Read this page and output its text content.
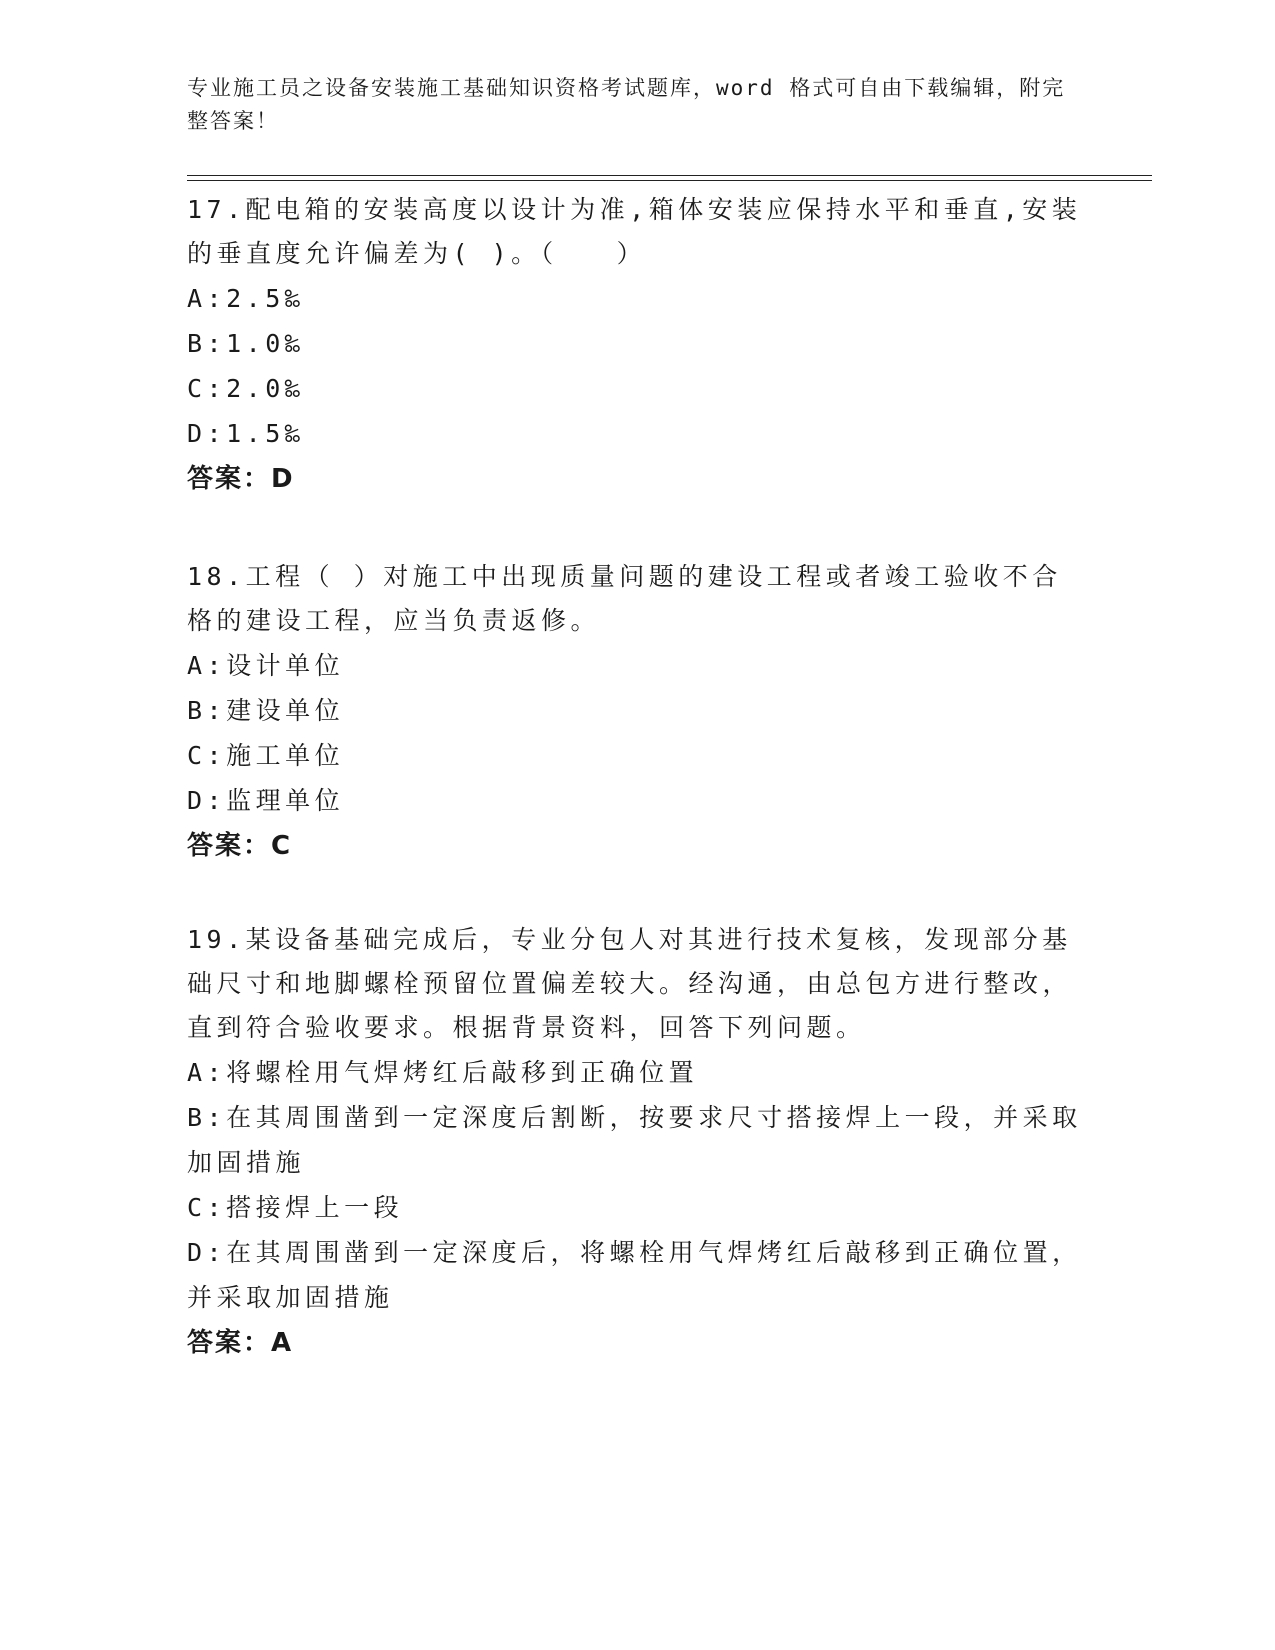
专业施工员之设备安装施工基础知识资格考试题库，word 格式可自由下载编辑，附完整答案！

17.配电箱的安装高度以设计为准,箱体安装应保持水平和垂直,安装的垂直度允许偏差为( )。（　　）

A:2.5‰

B:1.0‰

C:2.0‰

D:1.5‰

答案：D

18.工程（ ）对施工中出现质量问题的建设工程或者竣工验收不合格的建设工程，应当负责返修。

A:设计单位

B:建设单位

C:施工单位

D:监理单位

答案：C

19.某设备基础完成后，专业分包人对其进行技术复核，发现部分基础尺寸和地脚螺栓预留位置偏差较大。经沟通，由总包方进行整改，直到符合验收要求。根据背景资料，回答下列问题。

A:将螺栓用气焊烤红后敲移到正确位置

B:在其周围凿到一定深度后割断，按要求尺寸搭接焊上一段，并采取加固措施

C:搭接焊上一段

D:在其周围凿到一定深度后，将螺栓用气焊烤红后敲移到正确位置，并采取加固措施

答案：A
